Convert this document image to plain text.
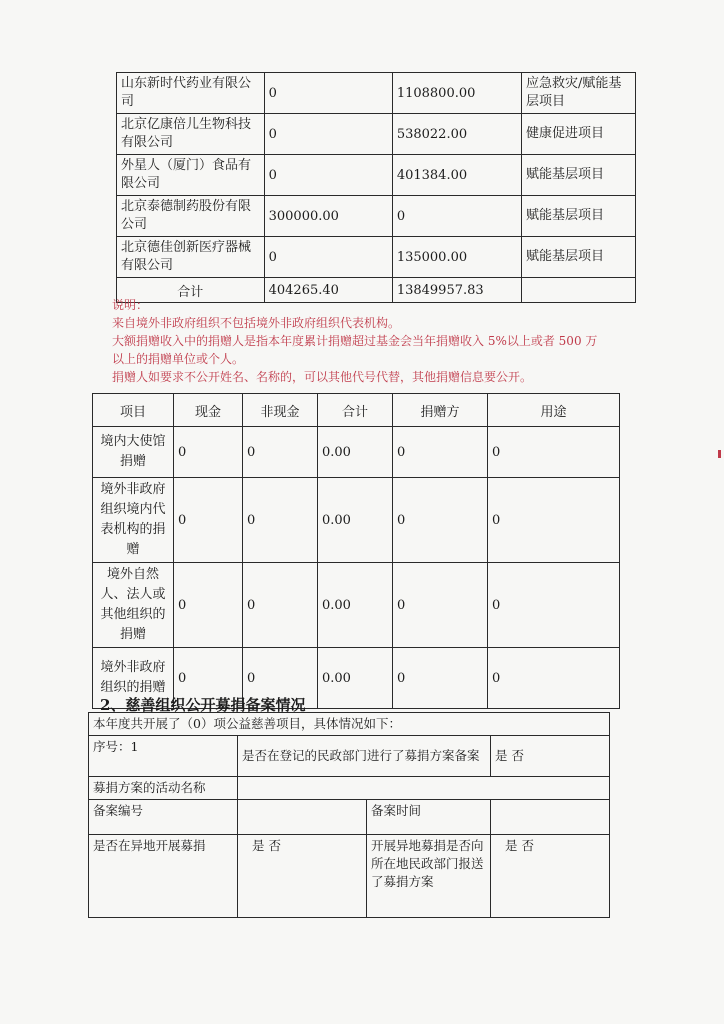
山东新时代药业有限公司	0	1108800.00	应急救灾/赋能基层项目
北京亿康倍儿生物科技有限公司	0	538022.00	健康促进项目
外星人（厦门）食品有限公司	0	401384.00	赋能基层项目
北京泰德制药股份有限公司	300000.00	0	赋能基层项目
北京德佳创新医疗器械有限公司	0	135000.00	赋能基层项目
合计	404265.40	13849957.83	
说明：
来自境外非政府组织不包括境外非政府组织代表机构。
大额捐赠收入中的捐赠人是指本年度累计捐赠超过基金会当年捐赠收入 5%以上或者 500 万
以上的捐赠单位或个人。
捐赠人如要求不公开姓名、名称的，可以其他代号代替，其他捐赠信息要公开。
项目	现金	非现金	合计	捐赠方	用途
境内大使馆捐赠	0	0	0.00	0	0
境外非政府组织境内代表机构的捐赠	0	0	0.00	0	0
境外自然人、法人或其他组织的捐赠	0	0	0.00	0	0
境外非政府组织的捐赠	0	0	0.00	0	0
2、慈善组织公开募捐备案情况
本年度共开展了（0）项公益慈善项目，具体情况如下：			
序号：1	是否在登记的民政部门进行了募捐方案备案		是 否
募捐方案的活动名称			
备案编号		备案时间	
是否在异地开展募捐	是 否	开展异地募捐是否向所在地民政部门报送了募捐方案	是 否
